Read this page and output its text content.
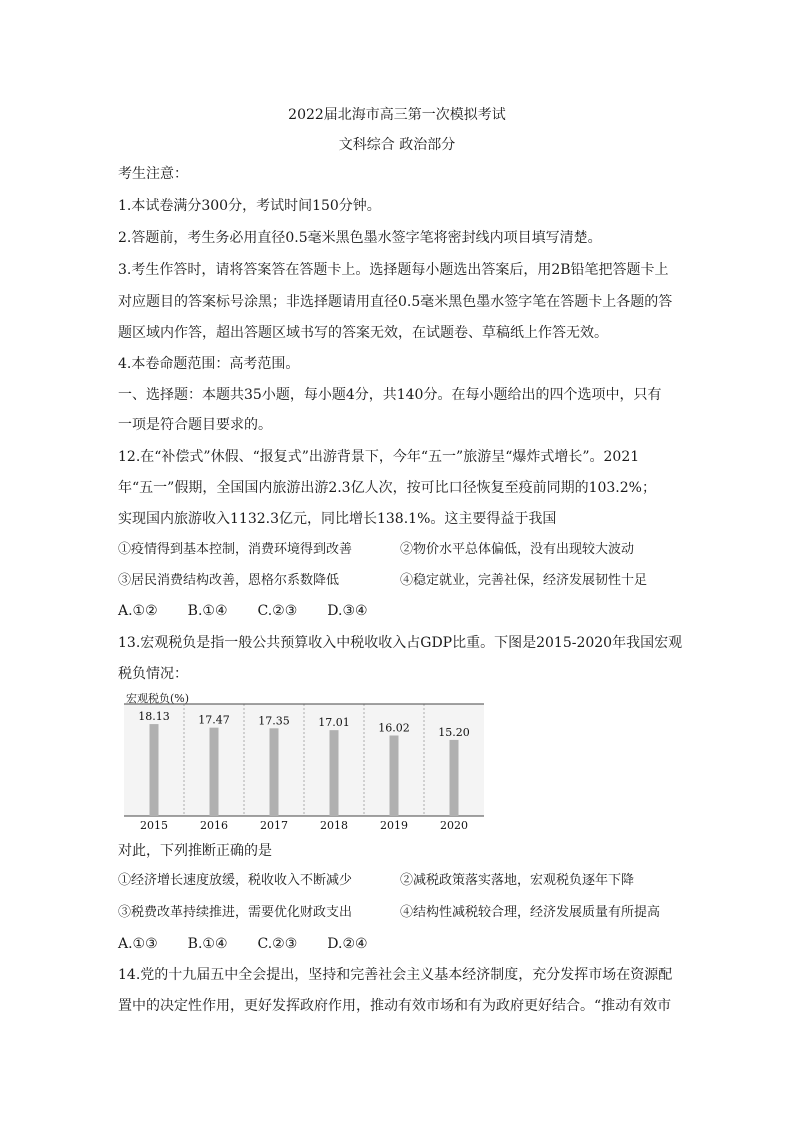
2022届北海市高三第一次模拟考试
文科综合 政治部分
考生注意：
1.本试卷满分300分，考试时间150分钟。
2.答题前，考生务必用直径0.5毫米黑色墨水签字笔将密封线内项目填写清楚。
3.考生作答时，请将答案答在答题卡上。选择题每小题选出答案后，用2B铅笔把答题卡上
对应题目的答案标号涂黑；非选择题请用直径0.5毫米黑色墨水签字笔在答题卡上各题的答
题区域内作答，超出答题区域书写的答案无效，在试题卷、草稿纸上作答无效。
4.本卷命题范围：高考范围。
一、选择题：本题共35小题，每小题4分，共140分。在每小题给出的四个选项中，只有
一项是符合题目要求的。
12.在“补偿式”休假、“报复式”出游背景下，今年“五一”旅游呈“爆炸式增长”。2021
年“五一”假期，全国国内旅游出游2.3亿人次，按可比口径恢复至疫前同期的103.2%；
实现国内旅游收入1132.3亿元，同比增长138.1%。这主要得益于我国
①疫情得到基本控制，消费环境得到改善	②物价水平总体偏低，没有出现较大波动
③居民消费结构改善，恩格尔系数降低	④稳定就业，完善社保，经济发展韧性十足
A.①② B.①④ C.②③ D.③④
13.宏观税负是指一般公共预算收入中税收收入占GDP比重。下图是2015-2020年我国宏观
税负情况：
宏观税负(%)
18.13
2015
17.47
2016
17.35
2017
17.01
2018
16.02
2019
15.20
2020
对此，下列推断正确的是
①经济增长速度放缓，税收收入不断减少	②减税政策落实落地，宏观税负逐年下降
③税费改革持续推进，需要优化财政支出	④结构性减税较合理，经济发展质量有所提高
A.①③ B.①④ C.②③ D.②④
14.党的十九届五中全会提出，坚持和完善社会主义基本经济制度，充分发挥市场在资源配
置中的决定性作用，更好发挥政府作用，推动有效市场和有为政府更好结合。“推动有效市
